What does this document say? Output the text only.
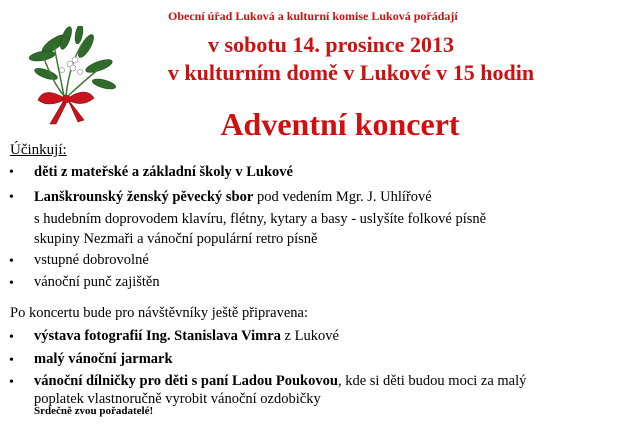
Obecní úřad Luková a kulturní komise Luková pořádají
v sobotu 14. prosince 2013
v kulturním domě v Lukové v 15 hodin
Adventní koncert
Účinkují:
• děti z mateřské a základní školy v Lukové
• Lanškrounský ženský pěvecký sbor pod vedením Mgr. J. Uhlířové
s hudebním doprovodem klavíru, flétny, kytary a basy - uslyšíte folkové písně
skupiny Nezmaři a vánoční populární retro písně
• vstupné dobrovolné
• vánoční punč zajištěn
Po koncertu bude pro návštěvníky ještě připravena:
• výstava fotografií Ing. Stanislava Vimra z Lukové
• malý vánoční jarmark
• vánoční dílničky pro děti s paní Ladou Poukovou, kde si děti budou moci za malý
poplatek vlastnoručně vyrobit vánoční ozdobičky
Srdečně zvou pořadatelé!
